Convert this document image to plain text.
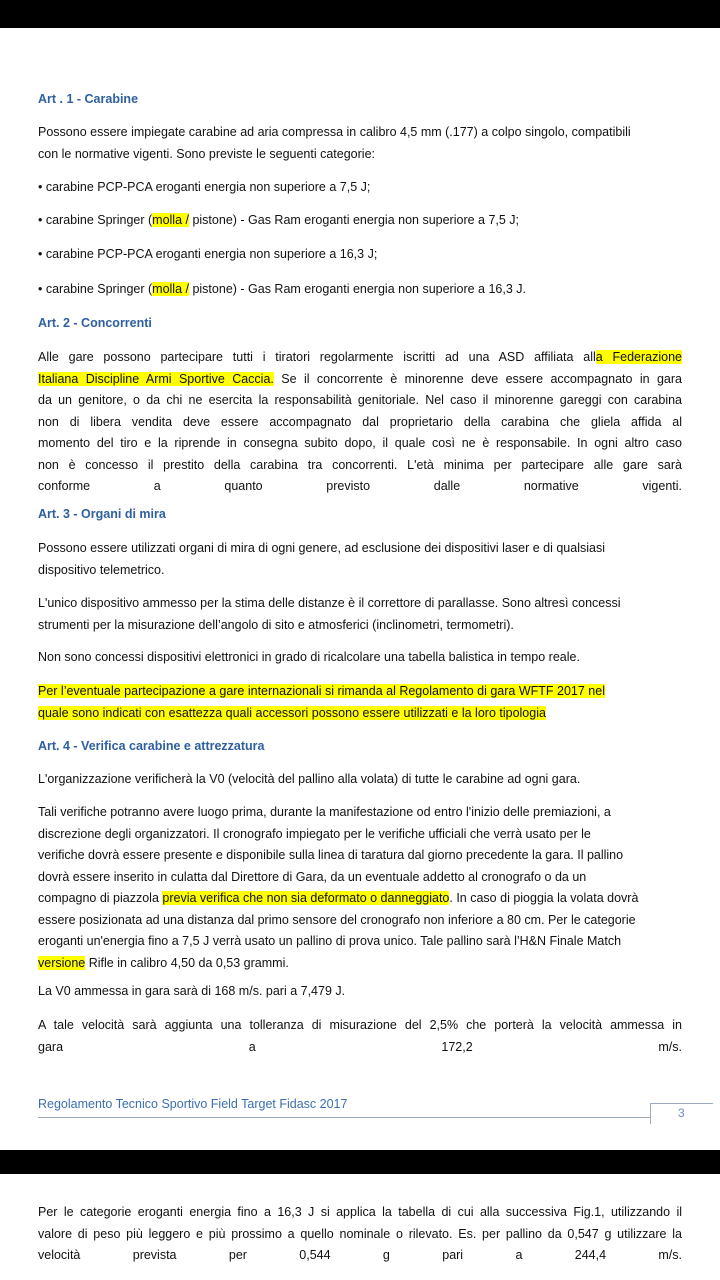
Art . 1 - Carabine
Possono essere impiegate carabine ad aria compressa in calibro 4,5 mm (.177) a colpo singolo, compatibili
con le normative vigenti. Sono previste le seguenti categorie:
• carabine PCP-PCA eroganti energia non superiore a 7,5 J;
• carabine Springer (molla / pistone) - Gas Ram eroganti energia non superiore a 7,5 J;
• carabine PCP-PCA eroganti energia non superiore a 16,3 J;
• carabine Springer (molla / pistone) - Gas Ram eroganti energia non superiore a 16,3 J.
Art. 2 - Concorrenti
Alle gare possono partecipare tutti i tiratori regolarmente iscritti ad una ASD affiliata alla Federazione
Italiana Discipline Armi Sportive Caccia. Se il concorrente è minorenne deve essere accompagnato in gara
da un genitore, o da chi ne esercita la responsabilità genitoriale. Nel caso il minorenne gareggi con carabina
non di libera vendita deve essere accompagnato dal proprietario della carabina che gliela affida al
momento del tiro e la riprende in consegna subito dopo, il quale così ne è responsabile. In ogni altro caso
non è concesso il prestito della carabina tra concorrenti. L'età minima per partecipare alle gare sarà
conforme a quanto previsto dalle normative vigenti.
Art. 3 - Organi di mira
Possono essere utilizzati organi di mira di ogni genere, ad esclusione dei dispositivi laser e di qualsiasi
dispositivo telemetrico.
L'unico dispositivo ammesso per la stima delle distanze è il correttore di parallasse. Sono altresì concessi
strumenti per la misurazione dell’angolo di sito e atmosferici (inclinometri, termometri).
Non sono concessi dispositivi elettronici in grado di ricalcolare una tabella balistica in tempo reale.
Per l’eventuale partecipazione a gare internazionali si rimanda al Regolamento di gara WFTF 2017 nel
quale sono indicati con esattezza quali accessori possono essere utilizzati e la loro tipologia
Art. 4 - Verifica carabine e attrezzatura
L'organizzazione verificherà la V0 (velocità del pallino alla volata) di tutte le carabine ad ogni gara.
Tali verifiche potranno avere luogo prima, durante la manifestazione od entro l'inizio delle premiazioni, a
discrezione degli organizzatori. Il cronografo impiegato per le verifiche ufficiali che verrà usato per le
verifiche dovrà essere presente e disponibile sulla linea di taratura dal giorno precedente la gara. Il pallino
dovrà essere inserito in culatta dal Direttore di Gara, da un eventuale addetto al cronografo o da un
compagno di piazzola previa verifica che non sia deformato o danneggiato. In caso di pioggia la volata dovrà
essere posizionata ad una distanza dal primo sensore del cronografo non inferiore a 80 cm. Per le categorie
eroganti un'energia fino a 7,5 J verrà usato un pallino di prova unico. Tale pallino sarà l’H&N Finale Match
versione Rifle in calibro 4,50 da 0,53 grammi.
La V0 ammessa in gara sarà di 168 m/s. pari a 7,479 J.
A tale velocità sarà aggiunta una tolleranza di misurazione del 2,5% che porterà la velocità ammessa in
gara a 172,2 m/s.
Regolamento Tecnico Sportivo Field Target Fidasc 2017
3
Per le categorie eroganti energia fino a 16,3 J si applica la tabella di cui alla successiva Fig.1, utilizzando il
valore di peso più leggero e più prossimo a quello nominale o rilevato. Es. per pallino da 0,547 g utilizzare la
velocità prevista per 0,544 g pari a 244,4 m/s.
